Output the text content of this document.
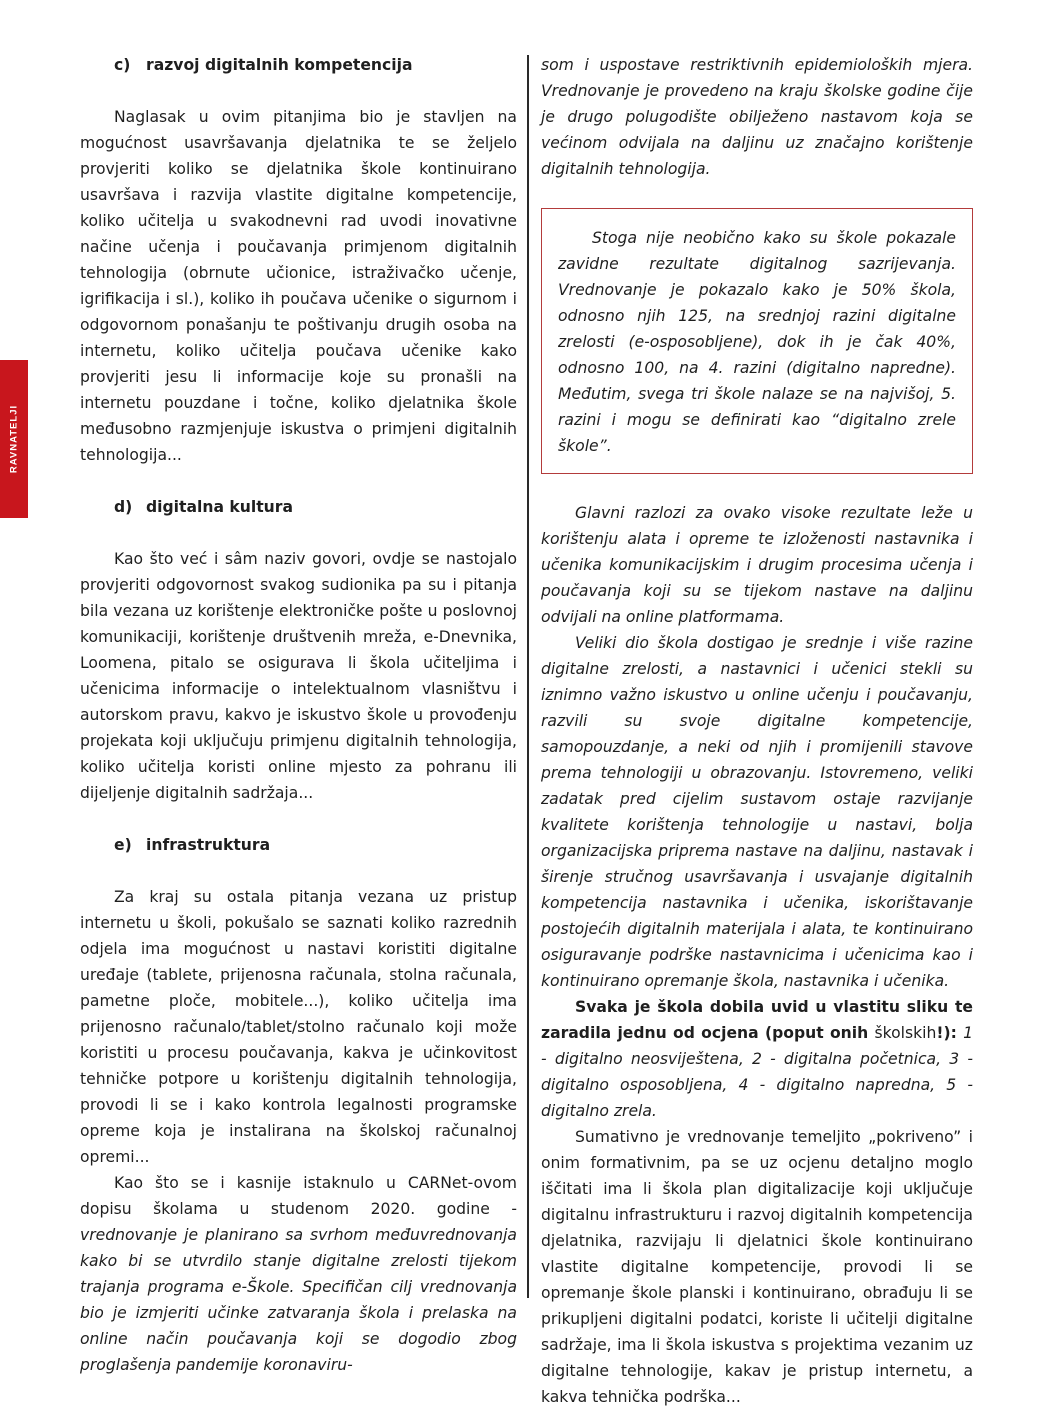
RAVNATELJI

c) razvoj digitalnih kompetencija

Naglasak u ovim pitanjima bio je stavljen na mogućnost usavršavanja djelatnika te se željelo provjeriti koliko se djelatnika škole kontinuirano usavršava i razvija vlastite digitalne kompetencije, koliko učitelja u svakodnevni rad uvodi inovativne načine učenja i poučavanja primjenom digitalnih tehnologija (obrnute učionice, istraživačko učenje, igrifikacija i sl.), koliko ih poučava učenike o sigurnom i odgovornom ponašanju te poštivanju drugih osoba na internetu, koliko učitelja poučava učenike kako provjeriti jesu li informacije koje su pronašli na internetu pouzdane i točne, koliko djelatnika škole međusobno razmjenjuje iskustva o primjeni digitalnih tehnologija...

d) digitalna kultura

Kao što već i sâm naziv govori, ovdje se nastojalo provjeriti odgovornost svakog sudionika pa su i pitanja bila vezana uz korištenje elektroničke pošte u poslovnoj komunikaciji, korištenje društvenih mreža, e-Dnevnika, Loomena, pitalo se osigurava li škola učiteljima i učenicima informacije o intelektualnom vlasništvu i autorskom pravu, kakvo je iskustvo škole u provođenju projekata koji uključuju primjenu digitalnih tehnologija, koliko učitelja koristi online mjesto za pohranu ili dijeljenje digitalnih sadržaja...

e) infrastruktura

Za kraj su ostala pitanja vezana uz pristup internetu u školi, pokušalo se saznati koliko razrednih odjela ima mogućnost u nastavi koristiti digitalne uređaje (tablete, prijenosna računala, stolna računala, pametne ploče, mobitele...), koliko učitelja ima prijenosno računalo/tablet/stolno računalo koji može koristiti u procesu poučavanja, kakva je učinkovitost tehničke potpore u korištenju digitalnih tehnologija, provodi li se i kako kontrola legalnosti programske opreme koja je instalirana na školskoj računalnoj opremi...

Kao što se i kasnije istaknulo u CARNet-ovom dopisu školama u studenom 2020. godine - vrednovanje je planirano sa svrhom međuvrednovanja kako bi se utvrdilo stanje digitalne zrelosti tijekom trajanja programa e-Škole. Specifičan cilj vrednovanja bio je izmjeriti učinke zatvaranja škola i prelaska na online način poučavanja koji se dogodio zbog proglašenja pandemije koronaviru-

som i uspostave restriktivnih epidemioloških mjera. Vrednovanje je provedeno na kraju školske godine čije je drugo polugodište obilježeno nastavom koja se većinom odvijala na daljinu uz značajno korištenje digitalnih tehnologija.

Stoga nije neobično kako su škole pokazale zavidne rezultate digitalnog sazrijevanja. Vrednovanje je pokazalo kako je 50% škola, odnosno njih 125, na srednjoj razini digitalne zrelosti (e-osposobljene), dok ih je čak 40%, odnosno 100, na 4. razini (digitalno napredne). Međutim, svega tri škole nalaze se na najvišoj, 5. razini i mogu se definirati kao “digitalno zrele škole”.

Glavni razlozi za ovako visoke rezultate leže u korištenju alata i opreme te izloženosti nastavnika i učenika komunikacijskim i drugim procesima učenja i poučavanja koji su se tijekom nastave na daljinu odvijali na online platformama.

Veliki dio škola dostigao je srednje i više razine digitalne zrelosti, a nastavnici i učenici stekli su iznimno važno iskustvo u online učenju i poučavanju, razvili su svoje digitalne kompetencije, samopouzdanje, a neki od njih i promijenili stavove prema tehnologiji u obrazovanju. Istovremeno, veliki zadatak pred cijelim sustavom ostaje razvijanje kvalitete korištenja tehnologije u nastavi, bolja organizacijska priprema nastave na daljinu, nastavak i širenje stručnog usavršavanja i usvajanje digitalnih kompetencija nastavnika i učenika, iskorištavanje postojećih digitalnih materijala i alata, te kontinuirano osiguravanje podrške nastavnicima i učenicima kao i kontinuirano opremanje škola, nastavnika i učenika.

Svaka je škola dobila uvid u vlastitu sliku te zaradila jednu od ocjena (poput onih školskih!): 1 - digitalno neosviještena, 2 - digitalna početnica, 3 - digitalno osposobljena, 4 - digitalno napredna, 5 - digitalno zrela.

Sumativno je vrednovanje temeljito „pokriveno” i onim formativnim, pa se uz ocjenu detaljno moglo iščitati ima li škola plan digitalizacije koji uključuje digitalnu infrastrukturu i razvoj digitalnih kompetencija djelatnika, razvijaju li djelatnici škole kontinuirano vlastite digitalne kompetencije, provodi li se opremanje škole planski i kontinuirano, obrađuju li se prikupljeni digitalni podatci, koriste li učitelji digitalne sadržaje, ima li škola iskustva s projektima vezanim uz digitalne tehnologije, kakav je pristup internetu, a kakva tehnička podrška...
